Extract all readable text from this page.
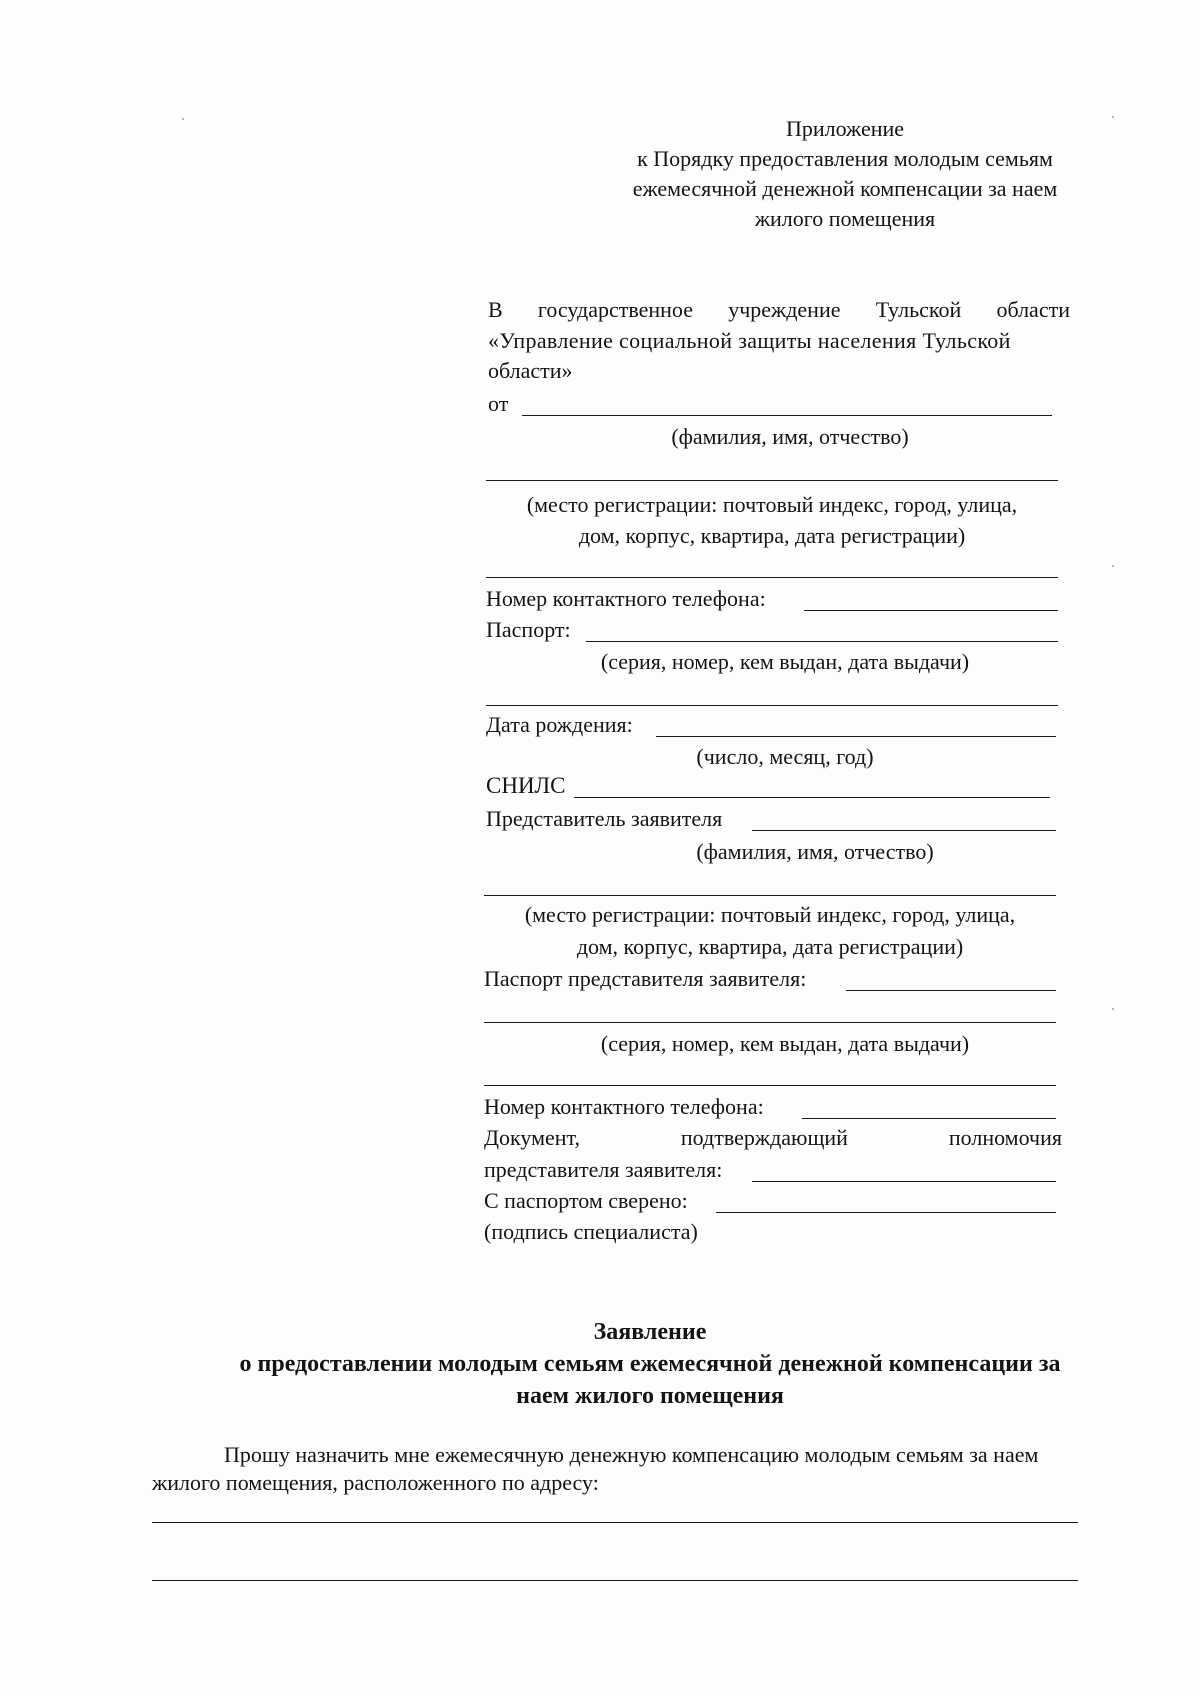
Приложение
к Порядку предоставления молодым семьям
ежемесячной денежной компенсации за наем
жилого помещения
В государственное учреждение Тульской области
«Управление социальной защиты населения Тульской
области»
от
(фамилия, имя, отчество)
(место регистрации: почтовый индекс, город, улица,
дом, корпус, квартира, дата регистрации)
Номер контактного телефона:
Паспорт:
(серия, номер, кем выдан, дата выдачи)
Дата рождения:
(число, месяц, год)
СНИЛС
Представитель заявителя
(фамилия, имя, отчество)
(место регистрации: почтовый индекс, город, улица,
дом, корпус, квартира, дата регистрации)
Паспорт представителя заявителя:
(серия, номер, кем выдан, дата выдачи)
Номер контактного телефона:
Документ,	подтверждающий	полномочия
представителя заявителя:
С паспортом сверено:
(подпись специалиста)
Заявление
о предоставлении молодым семьям ежемесячной денежной компенсации за
наем жилого помещения
Прошу назначить мне ежемесячную денежную компенсацию молодым семьям за наем
жилого помещения, расположенного по адресу:
